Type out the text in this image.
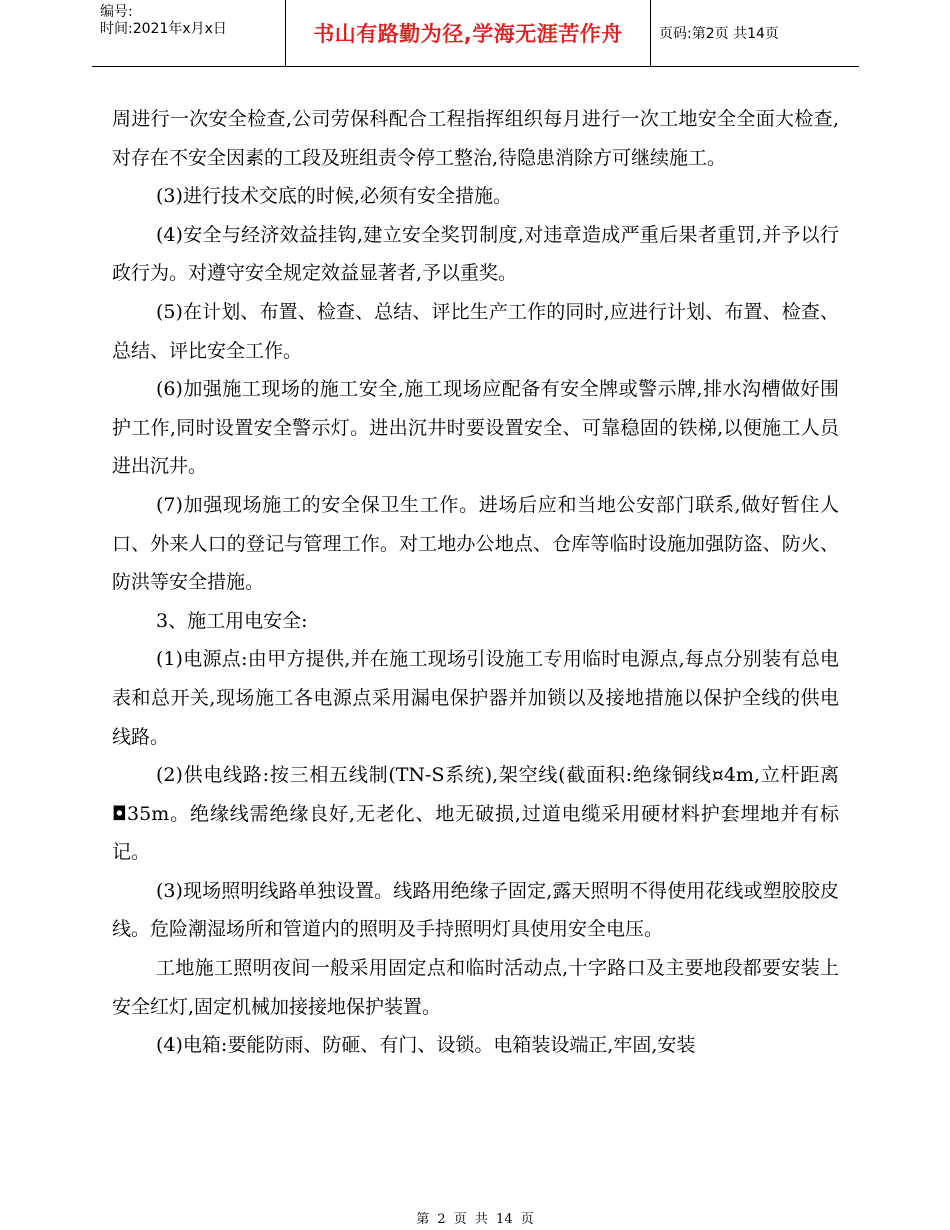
编号:
时间:2021年x月x日	书山有路勤为径,学海无涯苦作舟	页码:第2页 共14页

周进行一次安全检查,公司劳保科配合工程指挥组织每月进行一次工地安全全面大检查,对存在不安全因素的工段及班组责令停工整治,待隐患消除方可继续施工。

(3)进行技术交底的时候,必须有安全措施。

(4)安全与经济效益挂钩,建立安全奖罚制度,对违章造成严重后果者重罚,并予以行政行为。对遵守安全规定效益显著者,予以重奖。

(5)在计划、布置、检查、总结、评比生产工作的同时,应进行计划、布置、检查、总结、评比安全工作。

(6)加强施工现场的施工安全,施工现场应配备有安全牌或警示牌,排水沟槽做好围护工作,同时设置安全警示灯。进出沉井时要设置安全、可靠稳固的铁梯,以便施工人员进出沉井。

(7)加强现场施工的安全保卫生工作。进场后应和当地公安部门联系,做好暂住人口、外来人口的登记与管理工作。对工地办公地点、仓库等临时设施加强防盗、防火、防洪等安全措施。

3、施工用电安全:

(1)电源点:由甲方提供,并在施工现场引设施工专用临时电源点,每点分别装有总电表和总开关,现场施工各电源点采用漏电保护器并加锁以及接地措施以保护全线的供电线路。

(2)供电线路:按三相五线制(TN-S系统),架空线(截面积:绝缘铜线¤4m,立杆距离◘35m。绝缘线需绝缘良好,无老化、地无破损,过道电缆采用硬材料护套埋地并有标记。

(3)现场照明线路单独设置。线路用绝缘子固定,露天照明不得使用花线或塑胶胶皮线。危险潮湿场所和管道内的照明及手持照明灯具使用安全电压。

工地施工照明夜间一般采用固定点和临时活动点,十字路口及主要地段都要安装上安全红灯,固定机械加接接地保护装置。

(4)电箱:要能防雨、防砸、有门、设锁。电箱装设端正,牢固,安装

第 2 页 共 14 页
